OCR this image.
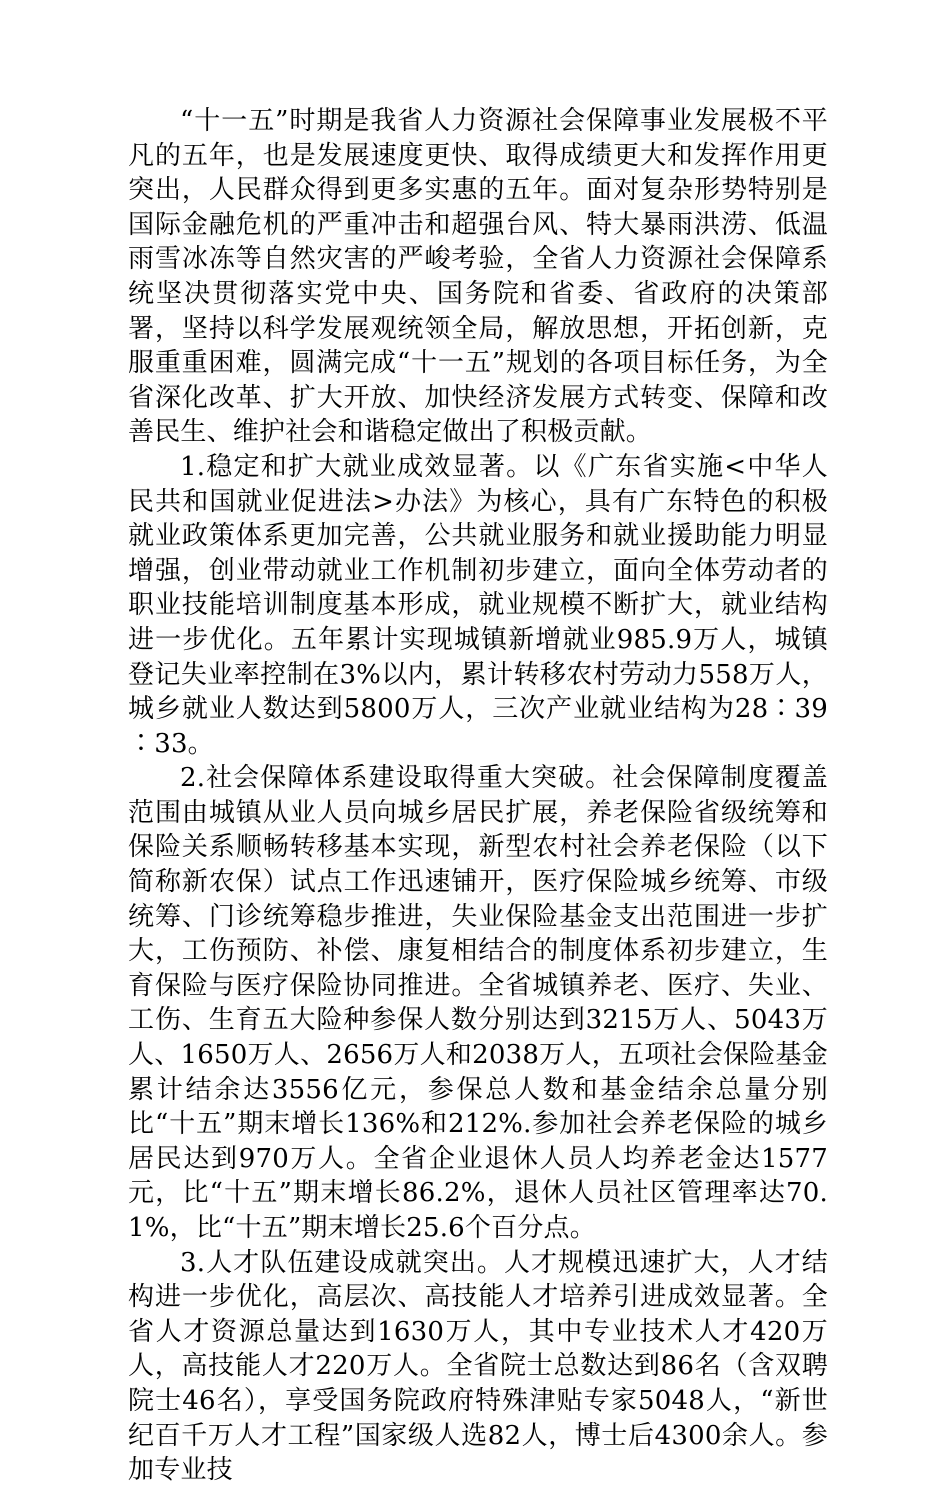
“十一五”时期是我省人力资源社会保障事业发展极不平凡的五年，也是发展速度更快、取得成绩更大和发挥作用更突出，人民群众得到更多实惠的五年。面对复杂形势特别是国际金融危机的严重冲击和超强台风、特大暴雨洪涝、低温雨雪冰冻等自然灾害的严峻考验，全省人力资源社会保障系统坚决贯彻落实党中央、国务院和省委、省政府的决策部署，坚持以科学发展观统领全局，解放思想，开拓创新，克服重重困难，圆满完成“十一五”规划的各项目标任务，为全省深化改革、扩大开放、加快经济发展方式转变、保障和改善民生、维护社会和谐稳定做出了积极贡献。

1.稳定和扩大就业成效显著。以《广东省实施<中华人民共和国就业促进法>办法》为核心，具有广东特色的积极就业政策体系更加完善，公共就业服务和就业援助能力明显增强，创业带动就业工作机制初步建立，面向全体劳动者的职业技能培训制度基本形成，就业规模不断扩大，就业结构进一步优化。五年累计实现城镇新增就业985.9万人，城镇登记失业率控制在3%以内，累计转移农村劳动力558万人，城乡就业人数达到5800万人，三次产业就业结构为28∶39∶33。

2.社会保障体系建设取得重大突破。社会保障制度覆盖范围由城镇从业人员向城乡居民扩展，养老保险省级统筹和保险关系顺畅转移基本实现，新型农村社会养老保险（以下简称新农保）试点工作迅速铺开，医疗保险城乡统筹、市级统筹、门诊统筹稳步推进，失业保险基金支出范围进一步扩大，工伤预防、补偿、康复相结合的制度体系初步建立，生育保险与医疗保险协同推进。全省城镇养老、医疗、失业、工伤、生育五大险种参保人数分别达到3215万人、5043万人、1650万人、2656万人和2038万人，五项社会保险基金累计结余达3556亿元，参保总人数和基金结余总量分别比“十五”期末增长136%和212%.参加社会养老保险的城乡居民达到970万人。全省企业退休人员人均养老金达1577元，比“十五”期末增长86.2%，退休人员社区管理率达70.1%，比“十五”期末增长25.6个百分点。

3.人才队伍建设成就突出。人才规模迅速扩大，人才结构进一步优化，高层次、高技能人才培养引进成效显著。全省人才资源总量达到1630万人，其中专业技术人才420万人，高技能人才220万人。全省院士总数达到86名（含双聘院士46名），享受国务院政府特殊津贴专家5048人，“新世纪百千万人才工程”国家级人选82人，博士后4300余人。参加专业技
